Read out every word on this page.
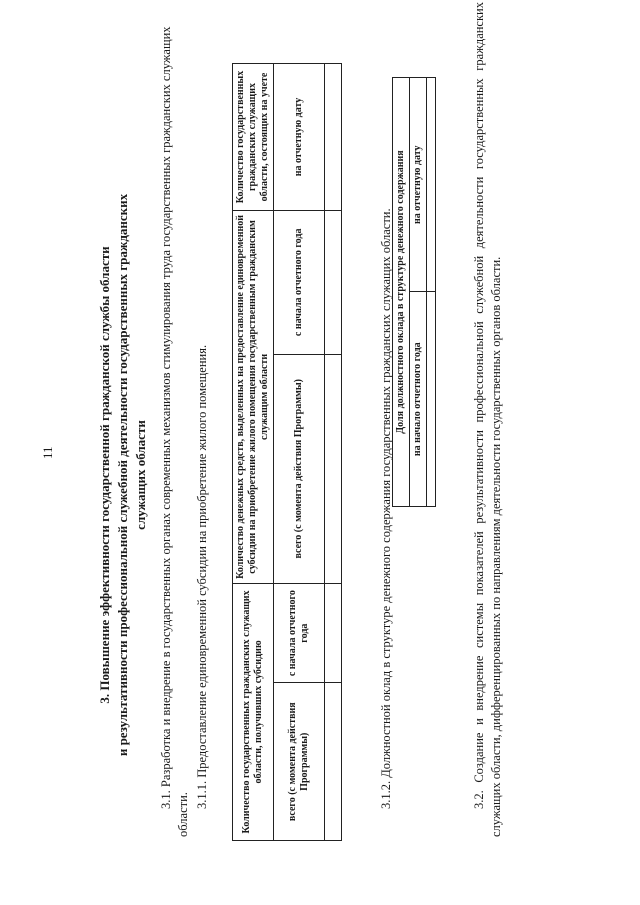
11	3. Повышение эффективности государственной гражданской службы области и результативности профессиональной служебной деятельности государственных гражданских служащих области 3.1. Разработка и внедрение в государственных органах современных механизмов стимулирования труда государственных гражданских служащих области.
3.1.1. Предоставление единовременной субсидии на приобретение жилого помещения.	Количество государственных гражданских служащих области, получивших субсидию		Количество денежных средств, выделенных на предоставление единовременной субсидии на приобретение жилого помещения государственным гражданским служащим области		Количество государственных гражданских служащих области, состоящих на учете
всего (с момента действия Программы)	с начала отчетного года	всего (с момента действия Программы)	с начала отчетного года	на отчетную дату

3.1.2. Должностной оклад в структуре денежного содержания государственных гражданских служащих области. Доля должностного оклада в структуре денежного содержания	
на начало отчетного года	на отчетную дату
		3.2. Создание и внедрение системы показателей результативности профессиональной служебной деятельности государственных гражданских служащих области, дифференцированных по направлениям деятельности государственных органов области.
